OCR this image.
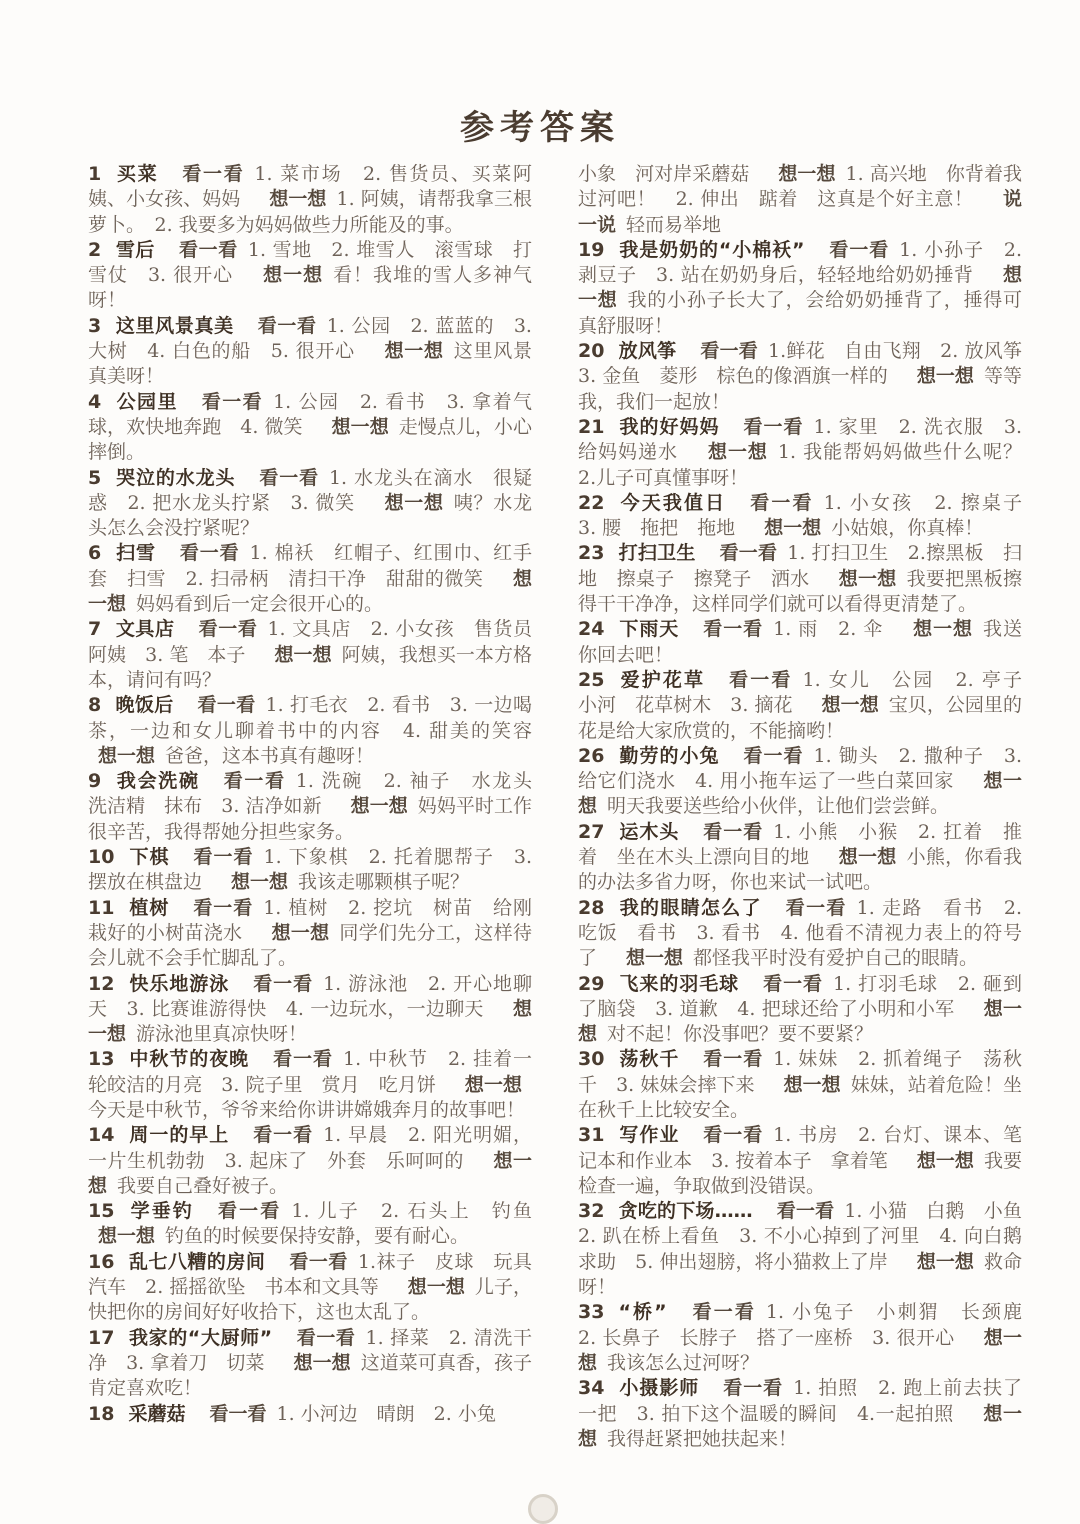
参考答案

1 买菜 看一看 1. 菜市场　2. 售货员、买菜阿姨、小女孩、妈妈　 想一想 1. 阿姨，请帮我拿三根萝卜。　2. 我要多为妈妈做些力所能及的事。　

2 雪后 看一看 1. 雪地　2. 堆雪人　滚雪球　打雪仗　3. 很开心　 想一想 看！我堆的雪人多神气呀！　

3 这里风景真美 看一看 1. 公园　2. 蓝蓝的　3. 大树　4. 白色的船　5. 很开心　 想一想 这里风景真美呀！　

4 公园里 看一看 1. 公园　2. 看书　3. 拿着气球，欢快地奔跑　4. 微笑　 想一想 走慢点儿，小心摔倒。　

5 哭泣的水龙头 看一看 1. 水龙头在滴水　很疑惑　2. 把水龙头拧紧　3. 微笑　 想一想 咦？水龙头怎么会没拧紧呢？　

6 扫雪 看一看 1. 棉袄　红帽子、红围巾、红手套　扫雪　2. 扫帚柄　清扫干净　甜甜的微笑　 想一想 妈妈看到后一定会很开心的。　

7 文具店 看一看 1. 文具店　2. 小女孩　售货员阿姨　3. 笔　本子　 想一想 阿姨，我想买一本方格本，请问有吗？　

8 晚饭后 看一看 1. 打毛衣　2. 看书　3. 一边喝茶，一边和女儿聊着书中的内容　4. 甜美的笑容　想一想 爸爸，这本书真有趣呀！　

9 我会洗碗 看一看 1. 洗碗　2. 袖子　水龙头　洗洁精　抹布　3. 洁净如新　 想一想 妈妈平时工作很辛苦，我得帮她分担些家务。　

10 下棋 看一看 1. 下象棋　2. 托着腮帮子　3. 摆放在棋盘边　 想一想 我该走哪颗棋子呢？　

11 植树 看一看 1. 植树　2. 挖坑　树苗　给刚栽好的小树苗浇水　 想一想 同学们先分工，这样待会儿就不会手忙脚乱了。　

12 快乐地游泳 看一看 1. 游泳池　2. 开心地聊天　3. 比赛谁游得快　4. 一边玩水，一边聊天　 想一想 游泳池里真凉快呀！　

13 中秋节的夜晚 看一看 1. 中秋节　2. 挂着一轮皎洁的月亮　3. 院子里　赏月　吃月饼　 想一想今天是中秋节，爷爷来给你讲讲嫦娥奔月的故事吧！　

14 周一的早上 看一看 1. 早晨　2. 阳光明媚，一片生机勃勃　3. 起床了　外套　乐呵呵的　 想一想 我要自己叠好被子。　

15 学垂钓 看一看 1. 儿子　2. 石头上　钓鱼　想一想 钓鱼的时候要保持安静，要有耐心。　

16 乱七八糟的房间 看一看 1.袜子　皮球　玩具汽车　2. 摇摇欲坠　书本和文具等　 想一想 儿子，快把你的房间好好收拾下，这也太乱了。　

17 我家的“大厨师” 看一看 1. 择菜　2. 清洗干净　3. 拿着刀　切菜　 想一想 这道菜可真香，孩子肯定喜欢吃！　

18 采蘑菇 看一看 1. 小河边　晴朗　2. 小兔　

小象　河对岸采蘑菇　 想一想 1. 高兴地　你背着我过河吧！　2. 伸出　踮着　这真是个好主意！　 说一说 轻而易举地　

19 我是奶奶的“小棉袄” 看一看 1. 小孙子　2. 剥豆子　3. 站在奶奶身后，轻轻地给奶奶捶背　 想一想 我的小孙子长大了，会给奶奶捶背了，捶得可真舒服呀！　

20 放风筝 看一看 1.鲜花　自由飞翔　2. 放风筝　3. 金鱼　菱形　棕色的像酒旗一样的　 想一想 等等我，我们一起放！　

21 我的好妈妈 看一看 1. 家里　2. 洗衣服　3. 给妈妈递水　 想一想 1. 我能帮妈妈做些什么呢？　2.儿子可真懂事呀！　

22 今天我值日 看一看 1. 小女孩　2. 擦桌子　3. 腰　拖把　拖地　 想一想 小姑娘，你真棒！　

23 打扫卫生 看一看 1. 打扫卫生　2.擦黑板　扫地　擦桌子　擦凳子　洒水　 想一想 我要把黑板擦得干干净净，这样同学们就可以看得更清楚了。　

24 下雨天 看一看 1. 雨　2. 伞　 想一想 我送你回去吧！　

25 爱护花草 看一看 1. 女儿　公园　2. 亭子　小河　花草树木　3. 摘花　 想一想 宝贝，公园里的花是给大家欣赏的，不能摘哟！　

26 勤劳的小兔 看一看 1. 锄头　2. 撒种子　3. 给它们浇水　4. 用小拖车运了一些白菜回家　 想一想 明天我要送些给小伙伴，让他们尝尝鲜。　

27 运木头 看一看 1. 小熊　小猴　2. 扛着　推着　坐在木头上漂向目的地　 想一想 小熊，你看我的办法多省力呀，你也来试一试吧。　

28 我的眼睛怎么了 看一看 1. 走路　看书　2. 吃饭　看书　3. 看书　4. 他看不清视力表上的符号了　 想一想 都怪我平时没有爱护自己的眼睛。　

29 飞来的羽毛球 看一看 1. 打羽毛球　2. 砸到了脑袋　3. 道歉　4. 把球还给了小明和小军　 想一想 对不起！你没事吧？要不要紧？　

30 荡秋千 看一看 1. 妹妹　2. 抓着绳子　荡秋千　3. 妹妹会摔下来　 想一想 妹妹，站着危险！坐在秋千上比较安全。　

31 写作业 看一看 1. 书房　2. 台灯、课本、笔记本和作业本　3. 按着本子　拿着笔　 想一想 我要检查一遍，争取做到没错误。　

32 贪吃的下场…… 看一看 1. 小猫　白鹅　小鱼　2. 趴在桥上看鱼　3. 不小心掉到了河里　4. 向白鹅求助　5. 伸出翅膀，将小猫救上了岸　 想一想 救命呀！　

33 “桥” 看一看 1. 小兔子　小刺猬　长颈鹿　2. 长鼻子　长脖子　搭了一座桥　3. 很开心　 想一想 我该怎么过河呀？　

34 小摄影师 看一看 1. 拍照　2. 跑上前去扶了一把　3. 拍下这个温暖的瞬间　4.一起拍照　 想一想 我得赶紧把她扶起来！　
